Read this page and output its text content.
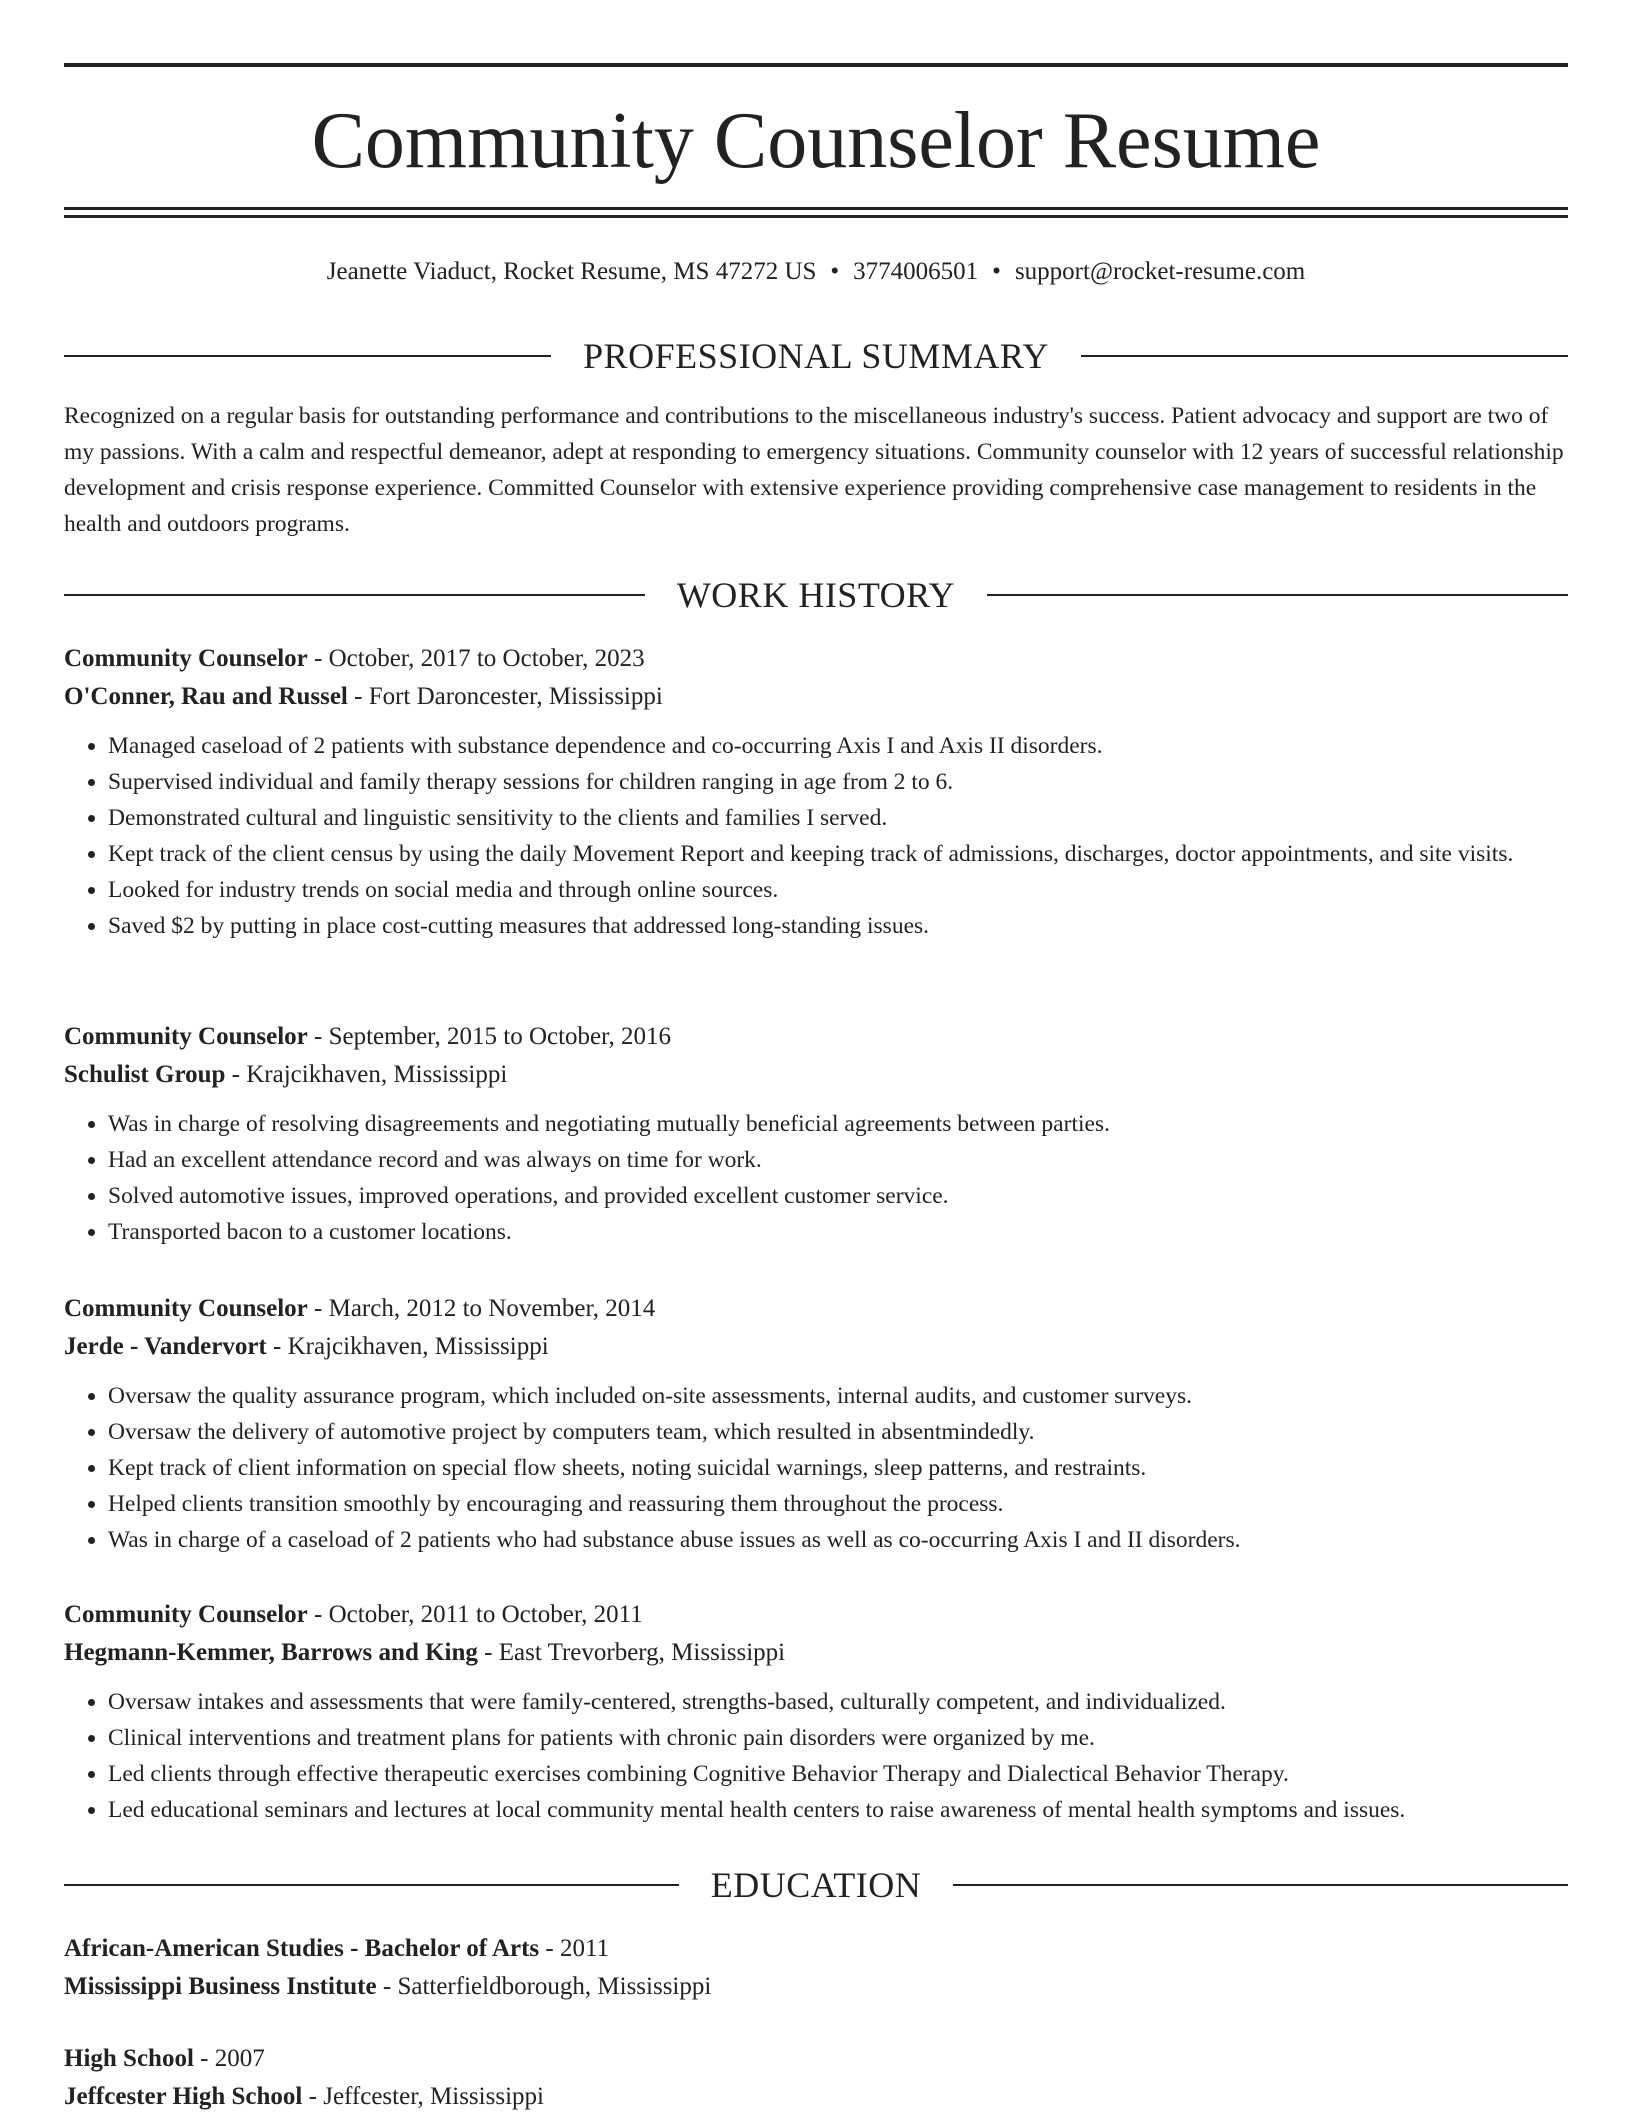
Community Counselor Resume
Jeanette Viaduct, Rocket Resume, MS 47272 US • 3774006501 • support@rocket-resume.com
PROFESSIONAL SUMMARY

Recognized on a regular basis for outstanding performance and contributions to the miscellaneous industry's success. Patient advocacy and support are two of my passions. With a calm and respectful demeanor, adept at responding to emergency situations. Community counselor with 12 years of successful relationship development and crisis response experience. Committed Counselor with extensive experience providing comprehensive case management to residents in the health and outdoors programs.

WORK HISTORY
Community Counselor - October, 2017 to October, 2023
O'Conner, Rau and Russel - Fort Daroncester, Mississippi
• Managed caseload of 2 patients with substance dependence and co-occurring Axis I and Axis II disorders.
• Supervised individual and family therapy sessions for children ranging in age from 2 to 6.
• Demonstrated cultural and linguistic sensitivity to the clients and families I served.
• Kept track of the client census by using the daily Movement Report and keeping track of admissions, discharges, doctor appointments, and site visits.
• Looked for industry trends on social media and through online sources.
• Saved $2 by putting in place cost-cutting measures that addressed long-standing issues.
Community Counselor - September, 2015 to October, 2016
Schulist Group - Krajcikhaven, Mississippi
• Was in charge of resolving disagreements and negotiating mutually beneficial agreements between parties.
• Had an excellent attendance record and was always on time for work.
• Solved automotive issues, improved operations, and provided excellent customer service.
• Transported bacon to a customer locations.
Community Counselor - March, 2012 to November, 2014
Jerde - Vandervort - Krajcikhaven, Mississippi
• Oversaw the quality assurance program, which included on-site assessments, internal audits, and customer surveys.
• Oversaw the delivery of automotive project by computers team, which resulted in absentmindedly.
• Kept track of client information on special flow sheets, noting suicidal warnings, sleep patterns, and restraints.
• Helped clients transition smoothly by encouraging and reassuring them throughout the process.
• Was in charge of a caseload of 2 patients who had substance abuse issues as well as co-occurring Axis I and II disorders.
Community Counselor - October, 2011 to October, 2011
Hegmann-Kemmer, Barrows and King - East Trevorberg, Mississippi
• Oversaw intakes and assessments that were family-centered, strengths-based, culturally competent, and individualized.
• Clinical interventions and treatment plans for patients with chronic pain disorders were organized by me.
• Led clients through effective therapeutic exercises combining Cognitive Behavior Therapy and Dialectical Behavior Therapy.
• Led educational seminars and lectures at local community mental health centers to raise awareness of mental health symptoms and issues.
EDUCATION
African-American Studies - Bachelor of Arts - 2011
Mississippi Business Institute - Satterfieldborough, Mississippi
High School - 2007
Jeffcester High School - Jeffcester, Mississippi
